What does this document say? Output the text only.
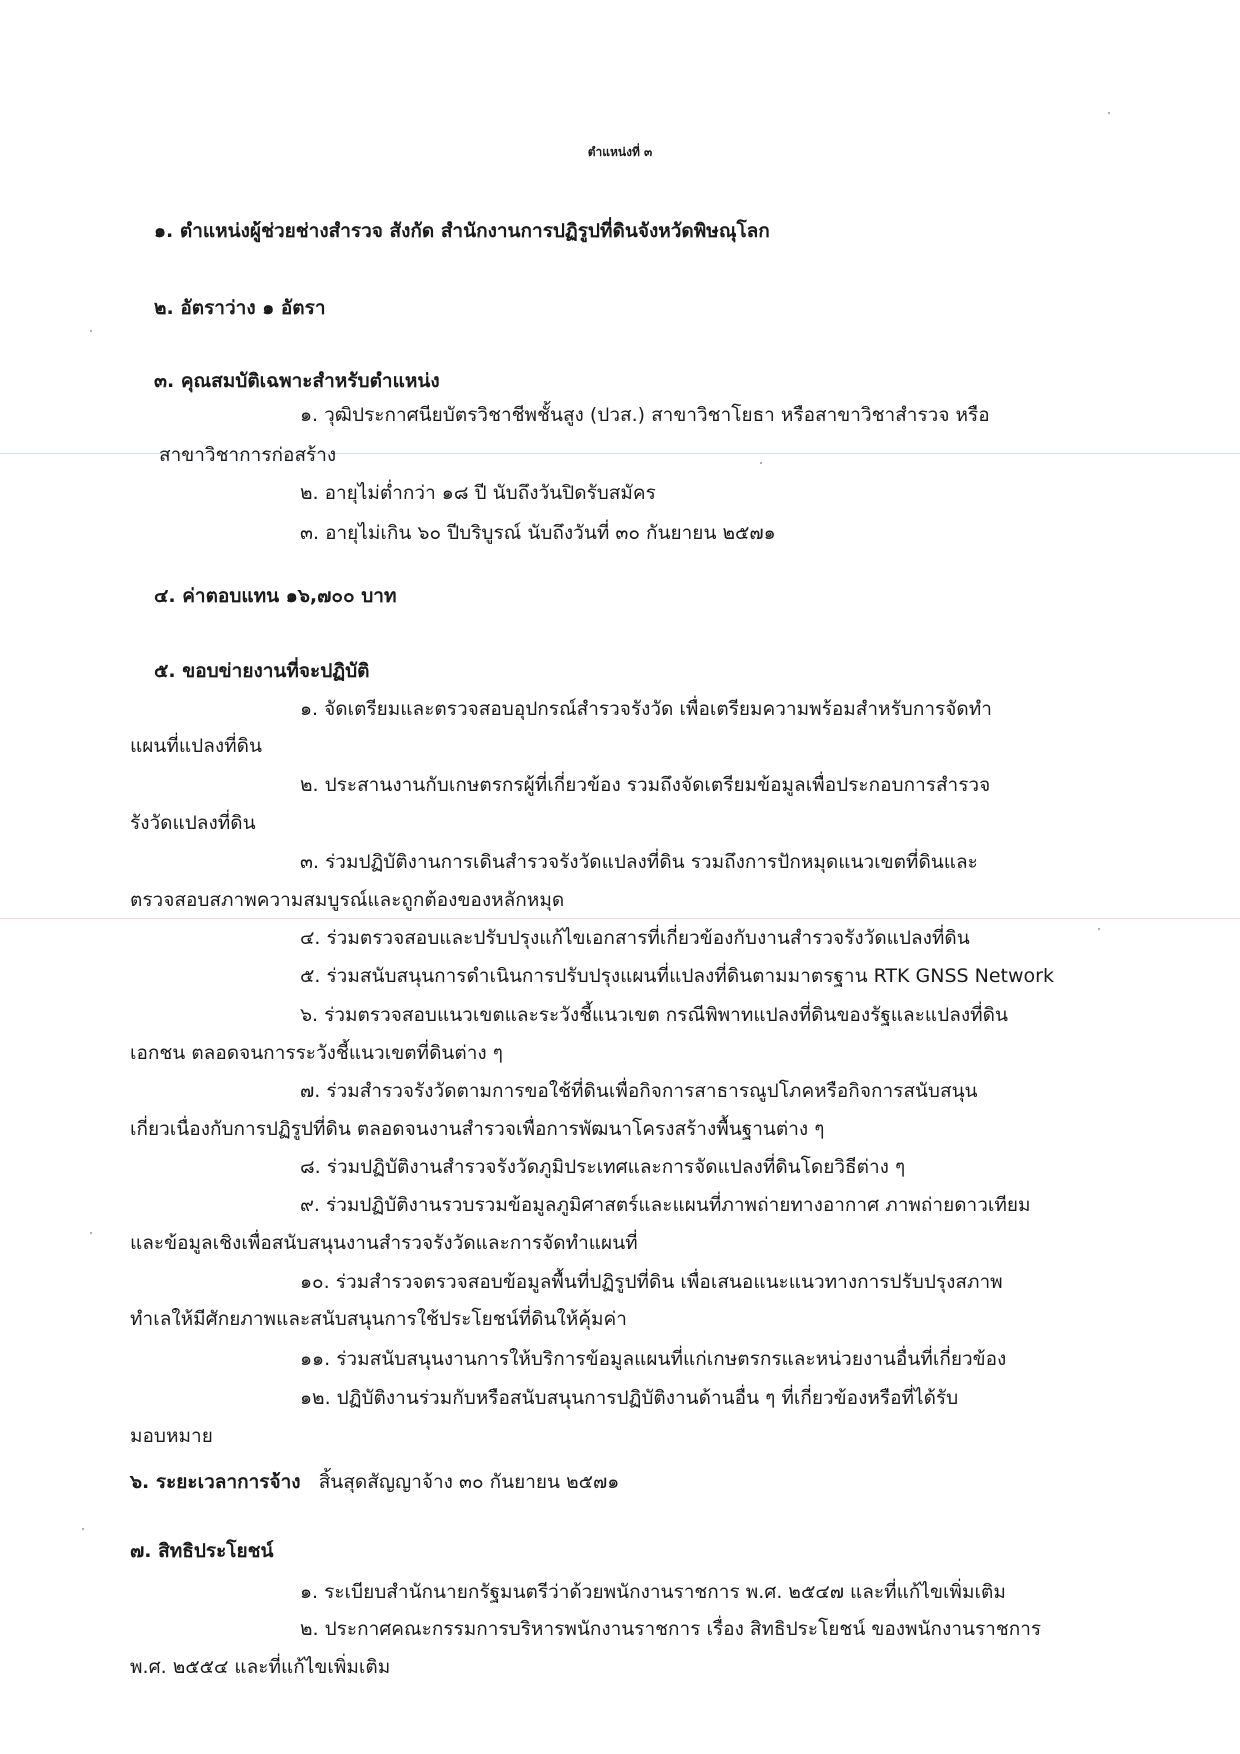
ตำแหน่งที่ ๓
๑. ตำแหน่งผู้ช่วยช่างสำรวจ สังกัด สำนักงานการปฏิรูปที่ดินจังหวัดพิษณุโลก
๒. อัตราว่าง ๑ อัตรา
๓. คุณสมบัติเฉพาะสำหรับตำแหน่ง
๑. วุฒิประกาศนียบัตรวิชาชีพชั้นสูง (ปวส.) สาขาวิชาโยธา หรือสาขาวิชาสำรวจ หรือ
สาขาวิชาการก่อสร้าง
๒. อายุไม่ต่ำกว่า ๑๘ ปี นับถึงวันปิดรับสมัคร
๓. อายุไม่เกิน ๖๐ ปีบริบูรณ์ นับถึงวันที่ ๓๐ กันยายน ๒๕๗๑
๔. ค่าตอบแทน ๑๖,๗๐๐ บาท
๕. ขอบข่ายงานที่จะปฏิบัติ
๑. จัดเตรียมและตรวจสอบอุปกรณ์สำรวจรังวัด เพื่อเตรียมความพร้อมสำหรับการจัดทำ
แผนที่แปลงที่ดิน
๒. ประสานงานกับเกษตรกรผู้ที่เกี่ยวข้อง รวมถึงจัดเตรียมข้อมูลเพื่อประกอบการสำรวจ
รังวัดแปลงที่ดิน
๓. ร่วมปฏิบัติงานการเดินสำรวจรังวัดแปลงที่ดิน รวมถึงการปักหมุดแนวเขตที่ดินและ
ตรวจสอบสภาพความสมบูรณ์และถูกต้องของหลักหมุด
๔. ร่วมตรวจสอบและปรับปรุงแก้ไขเอกสารที่เกี่ยวข้องกับงานสำรวจรังวัดแปลงที่ดิน
๕. ร่วมสนับสนุนการดำเนินการปรับปรุงแผนที่แปลงที่ดินตามมาตรฐาน RTK GNSS Network
๖. ร่วมตรวจสอบแนวเขตและระวังชี้แนวเขต กรณีพิพาทแปลงที่ดินของรัฐและแปลงที่ดิน
เอกชน ตลอดจนการระวังชี้แนวเขตที่ดินต่าง ๆ
๗. ร่วมสำรวจรังวัดตามการขอใช้ที่ดินเพื่อกิจการสาธารณูปโภคหรือกิจการสนับสนุน
เกี่ยวเนื่องกับการปฏิรูปที่ดิน ตลอดจนงานสำรวจเพื่อการพัฒนาโครงสร้างพื้นฐานต่าง ๆ
๘. ร่วมปฏิบัติงานสำรวจรังวัดภูมิประเทศและการจัดแปลงที่ดินโดยวิธีต่าง ๆ
๙. ร่วมปฏิบัติงานรวบรวมข้อมูลภูมิศาสตร์และแผนที่ภาพถ่ายทางอากาศ ภาพถ่ายดาวเทียม
และข้อมูลเชิงเพื่อสนับสนุนงานสำรวจรังวัดและการจัดทำแผนที่
๑๐. ร่วมสำรวจตรวจสอบข้อมูลพื้นที่ปฏิรูปที่ดิน เพื่อเสนอแนะแนวทางการปรับปรุงสภาพ
ทำเลให้มีศักยภาพและสนับสนุนการใช้ประโยชน์ที่ดินให้คุ้มค่า
๑๑. ร่วมสนับสนุนงานการให้บริการข้อมูลแผนที่แก่เกษตรกรและหน่วยงานอื่นที่เกี่ยวข้อง
๑๒. ปฏิบัติงานร่วมกับหรือสนับสนุนการปฏิบัติงานด้านอื่น ๆ ที่เกี่ยวข้องหรือที่ได้รับ
มอบหมาย
๖. ระยะเวลาการจ้าง สิ้นสุดสัญญาจ้าง ๓๐ กันยายน ๒๕๗๑
๗. สิทธิประโยชน์
๑. ระเบียบสำนักนายกรัฐมนตรีว่าด้วยพนักงานราชการ พ.ศ. ๒๕๔๗ และที่แก้ไขเพิ่มเติม
๒. ประกาศคณะกรรมการบริหารพนักงานราชการ เรื่อง สิทธิประโยชน์ ของพนักงานราชการ
พ.ศ. ๒๕๕๔ และที่แก้ไขเพิ่มเติม
